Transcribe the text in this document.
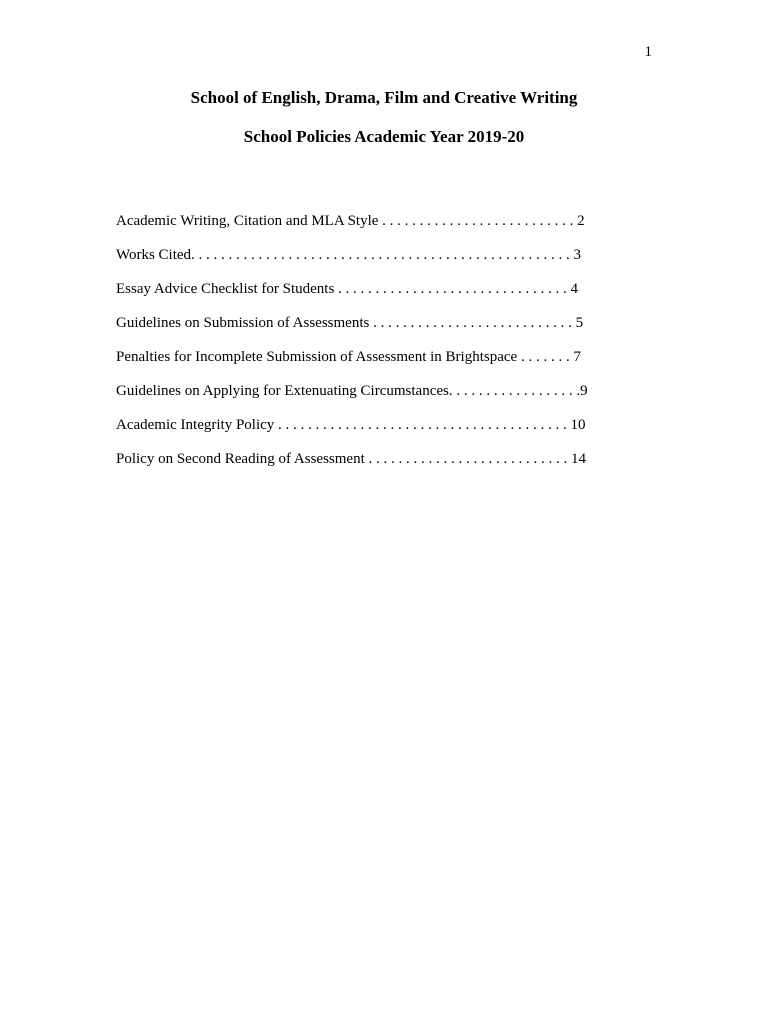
1
School of English, Drama, Film and Creative Writing
School Policies Academic Year 2019-20
Academic Writing, Citation and MLA Style . . . . . . . . . . . . . . . . . . . . . . . . . . 2
Works Cited. . . . . . . . . . . . . . . . . . . . . . . . . . . . . . . . . . . . . . . . . . . . . . . . . . . 3
Essay Advice Checklist for Students . . . . . . . . . . . . . . . . . . . . . . . . . . . . . . . 4
Guidelines on Submission of Assessments . . . . . . . . . . . . . . . . . . . . . . . . . . . 5
Penalties for Incomplete Submission of Assessment in Brightspace . . . . . . . 7
Guidelines on Applying for Extenuating Circumstances. . . . . . . . . . . . . . . . . .9
Academic Integrity Policy . . . . . . . . . . . . . . . . . . . . . . . . . . . . . . . . . . . . . . . 10
Policy on Second Reading of Assessment . . . . . . . . . . . . . . . . . . . . . . . . . . . 14
